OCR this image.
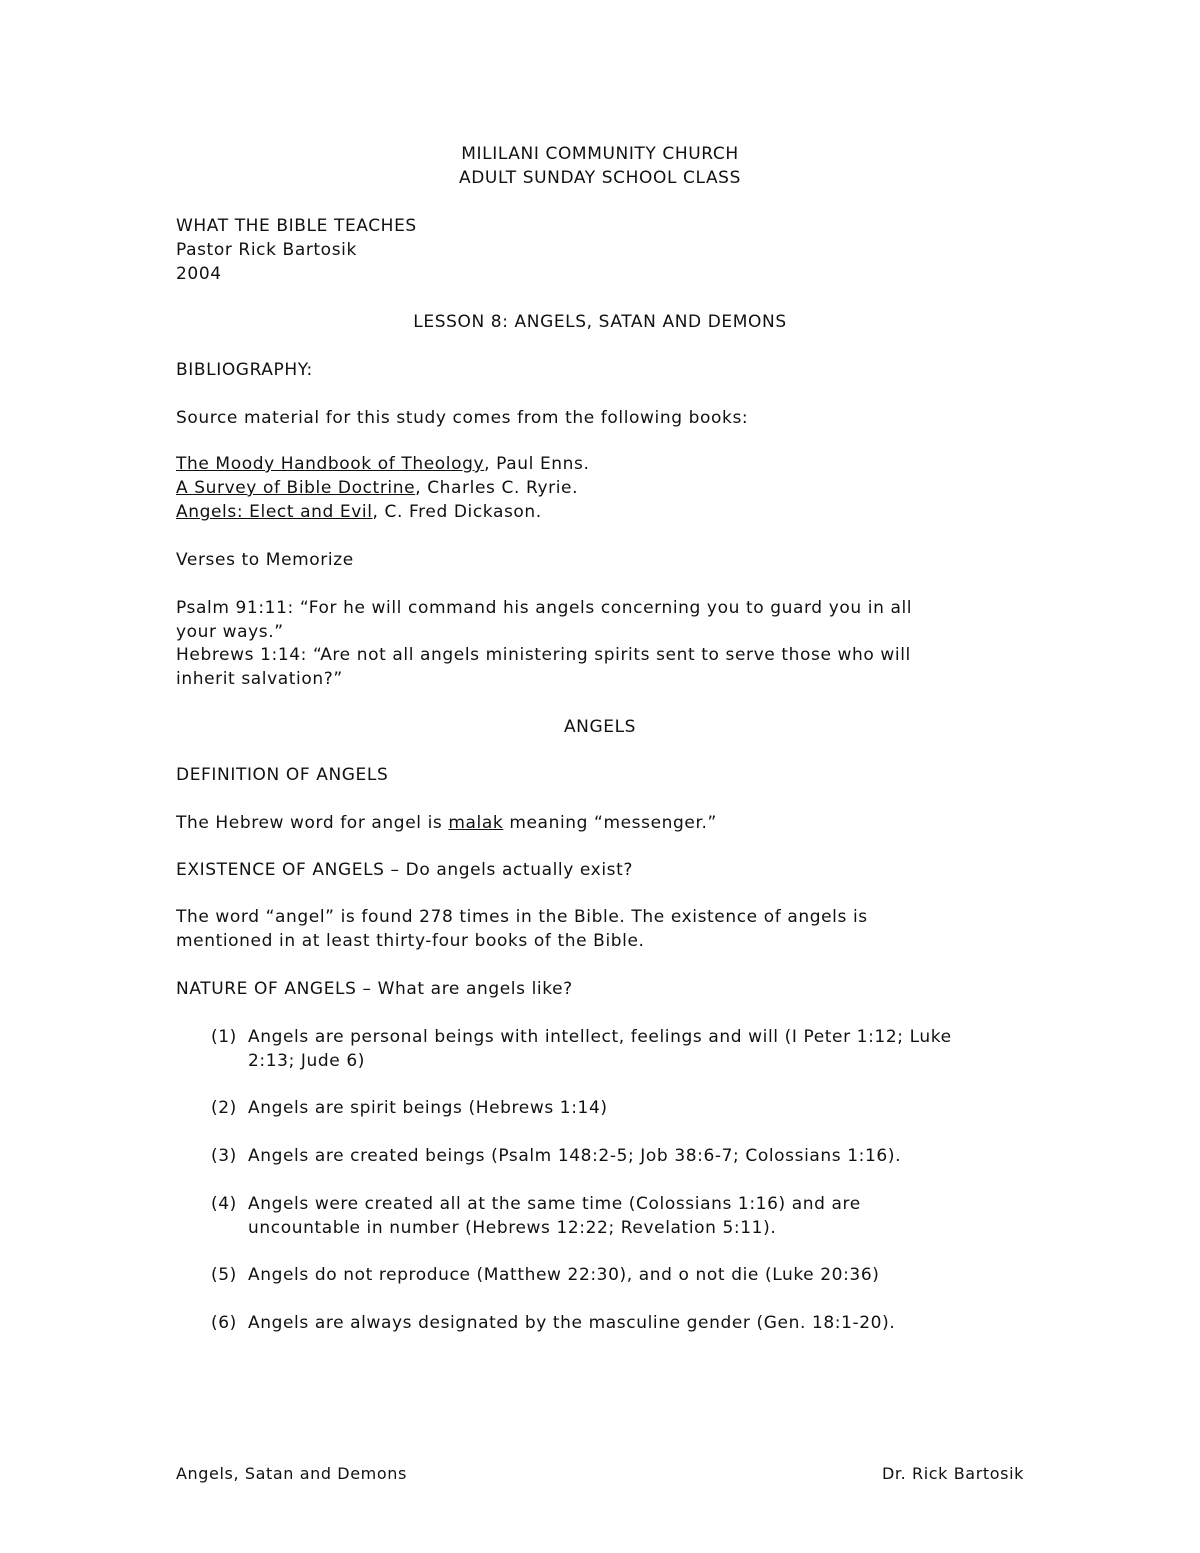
MILILANI COMMUNITY CHURCH
ADULT SUNDAY SCHOOL CLASS
WHAT THE BIBLE TEACHES
Pastor Rick Bartosik
2004
LESSON 8: ANGELS, SATAN AND DEMONS
BIBLIOGRAPHY:
Source material for this study comes from the following books:
The Moody Handbook of Theology, Paul Enns.
A Survey of Bible Doctrine, Charles C. Ryrie.
Angels: Elect and Evil, C. Fred Dickason.
Verses to Memorize
Psalm 91:11: “For he will command his angels concerning you to guard you in all
your ways.”
Hebrews 1:14: “Are not all angels ministering spirits sent to serve those who will
inherit salvation?”
ANGELS
DEFINITION OF ANGELS
The Hebrew word for angel is malak meaning “messenger.”
EXISTENCE OF ANGELS – Do angels actually exist?
The word “angel” is found 278 times in the Bible. The existence of angels is
mentioned in at least thirty-four books of the Bible.
NATURE OF ANGELS – What are angels like?
(1) Angels are personal beings with intellect, feelings and will (I Peter 1:12; Luke
2:13; Jude 6)
(2) Angels are spirit beings (Hebrews 1:14)
(3) Angels are created beings (Psalm 148:2-5; Job 38:6-7; Colossians 1:16).
(4) Angels were created all at the same time (Colossians 1:16) and are
uncountable in number (Hebrews 12:22; Revelation 5:11).
(5) Angels do not reproduce (Matthew 22:30), and o not die (Luke 20:36)
(6) Angels are always designated by the masculine gender (Gen. 18:1-20).
Angels, Satan and Demons	Dr. Rick Bartosik
